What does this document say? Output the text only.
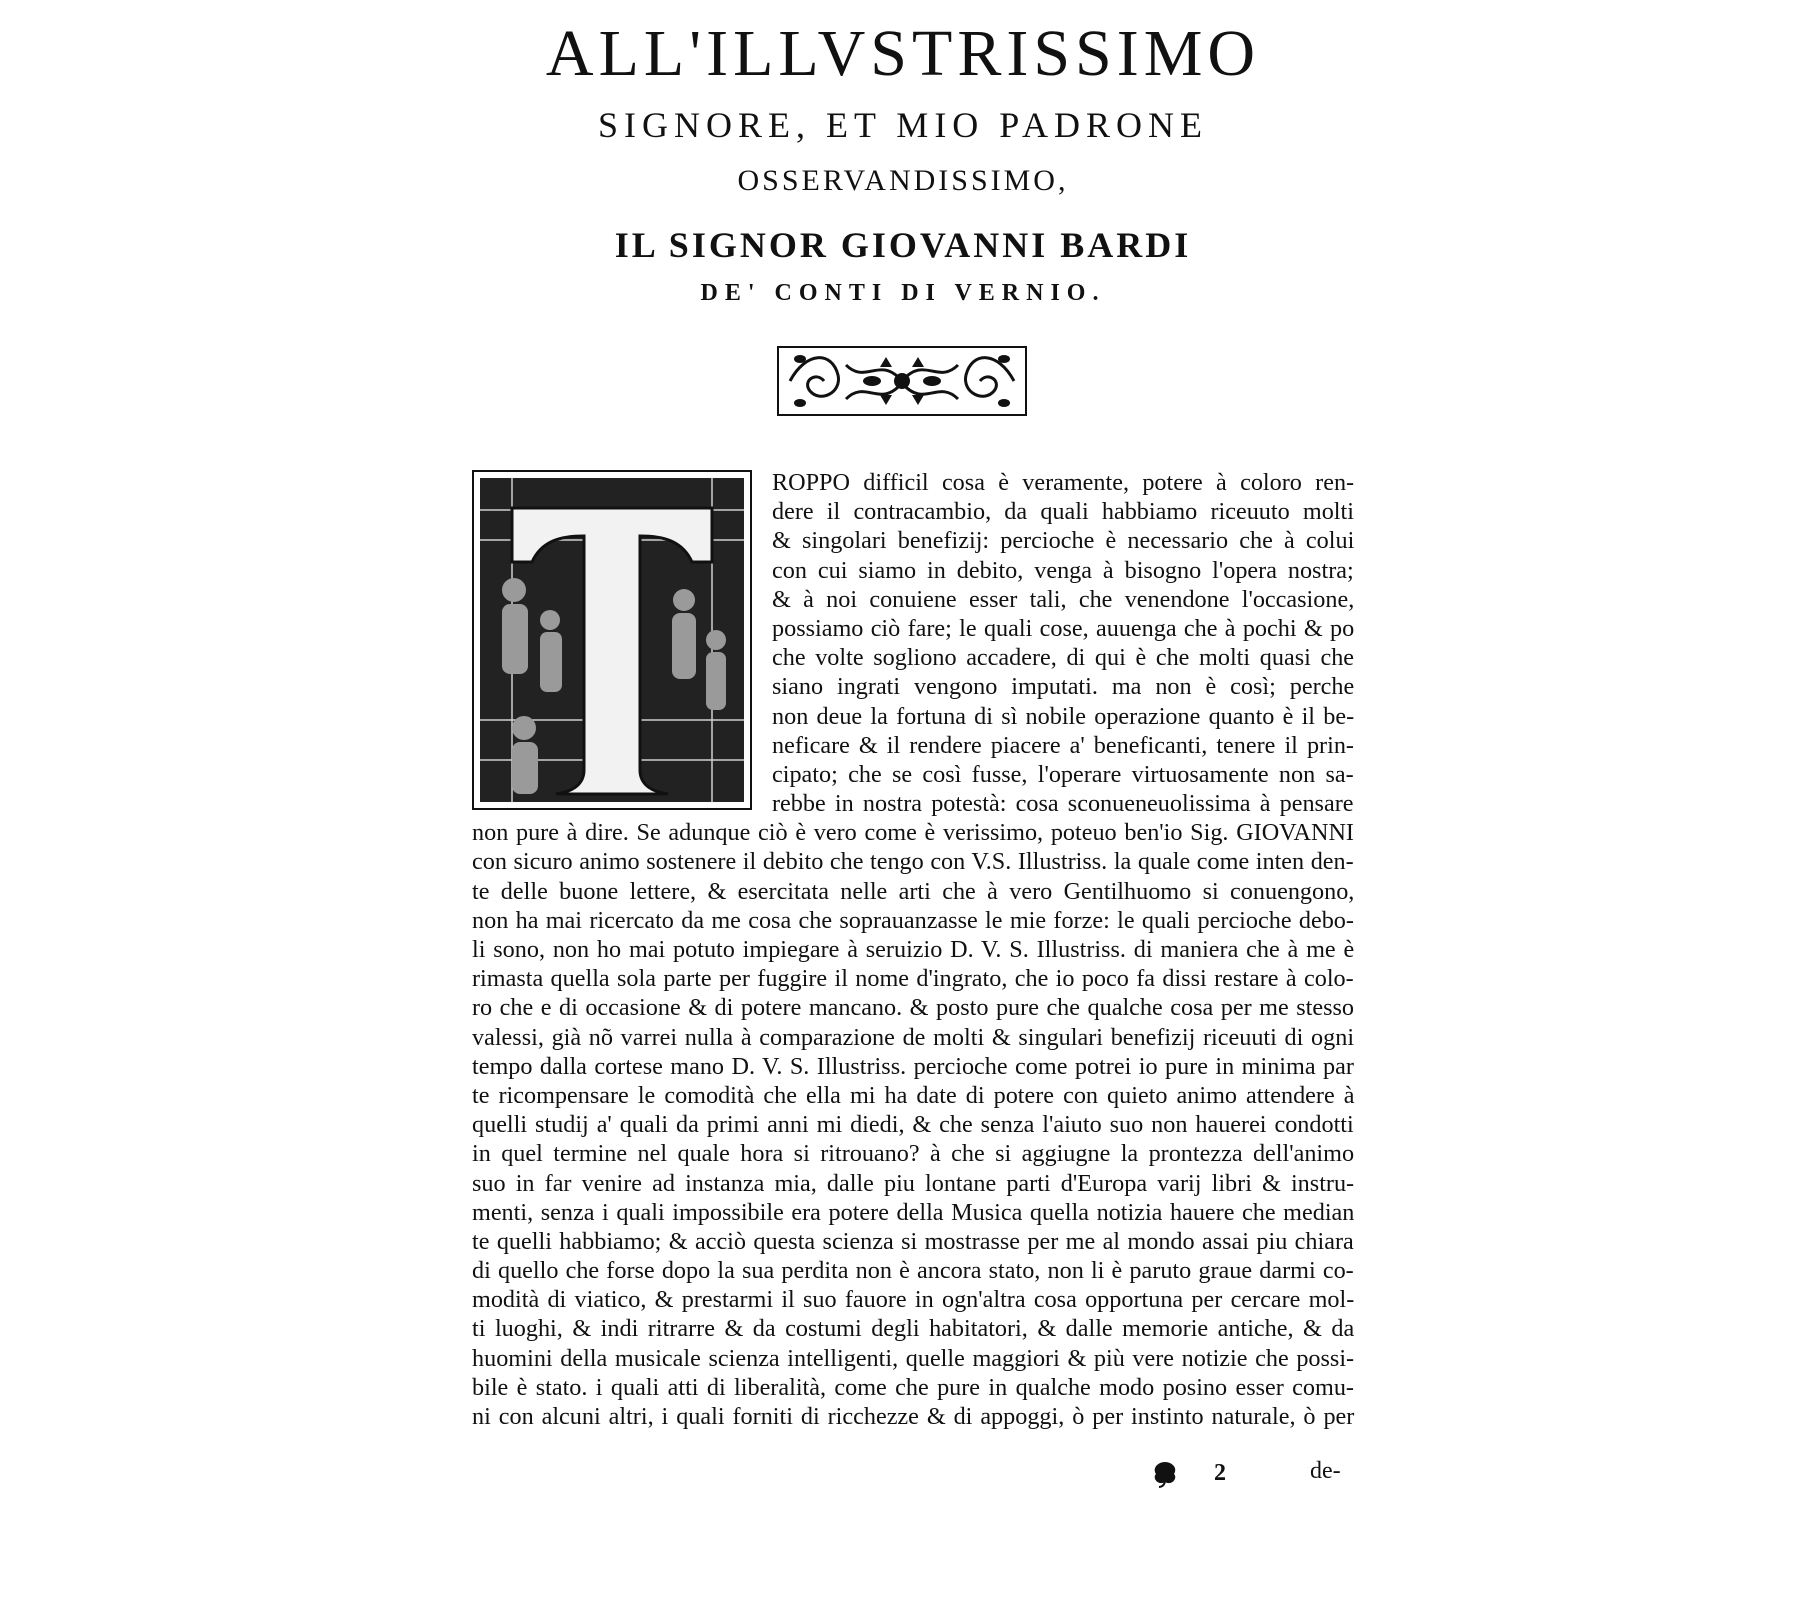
ALL'ILLVSTRISSIMO
SIGNORE, ET MIO PADRONE
OSSERVANDISSIMO,
IL SIGNOR GIOVANNI BARDI
DE' CONTI DI VERNIO.
ROPPO difficil cosa è veramente, potere à coloro ren-
dere il contracambio, da quali habbiamo riceuuto molti
& singolari benefizij: percioche è necessario che à colui
con cui siamo in debito, venga à bisogno l'opera nostra;
& à noi conuiene esser tali, che venendone l'occasione,
possiamo ciò fare; le quali cose, auuenga che à pochi & po
che volte sogliono accadere, di qui è che molti quasi che
siano ingrati vengono imputati. ma non è così; perche
non deue la fortuna di sì nobile operazione quanto è il be-
neficare & il rendere piacere a' beneficanti, tenere il prin-
cipato; che se così fusse, l'operare virtuosamente non sa-
rebbe in nostra potestà: cosa sconueneuolissima à pensare
non pure à dire. Se adunque ciò è vero come è verissimo, poteuo ben'io Sig. GIOVANNI
con sicuro animo sostenere il debito che tengo con V.S. Illustriss. la quale come inten den-
te delle buone lettere, & esercitata nelle arti che à vero Gentilhuomo si conuengono,
non ha mai ricercato da me cosa che soprauanzasse le mie forze: le quali percioche debo-
li sono, non ho mai potuto impiegare à seruizio D. V. S. Illustriss. di maniera che à me è
rimasta quella sola parte per fuggire il nome d'ingrato, che io poco fa dissi restare à colo-
ro che e di occasione & di potere mancano. & posto pure che qualche cosa per me stesso
valessi, già nõ varrei nulla à comparazione de molti & singulari benefizij riceuuti di ogni
tempo dalla cortese mano D. V. S. Illustriss. percioche come potrei io pure in minima par
te ricompensare le comodità che ella mi ha date di potere con quieto animo attendere à
quelli studij a' quali da primi anni mi diedi, & che senza l'aiuto suo non hauerei condotti
in quel termine nel quale hora si ritrouano? à che si aggiugne la prontezza dell'animo
suo in far venire ad instanza mia, dalle piu lontane parti d'Europa varij libri & instru-
menti, senza i quali impossibile era potere della Musica quella notizia hauere che median
te quelli habbiamo; & acciò questa scienza si mostrasse per me al mondo assai piu chiara
di quello che forse dopo la sua perdita non è ancora stato, non li è paruto graue darmi co-
modità di viatico, & prestarmi il suo fauore in ogn'altra cosa opportuna per cercare mol-
ti luoghi, & indi ritrarre & da costumi degli habitatori, & dalle memorie antiche, & da
huomini della musicale scienza intelligenti, quelle maggiori & più vere notizie che possi-
bile è stato. i quali atti di liberalità, come che pure in qualche modo posino esser comu-
ni con alcuni altri, i quali forniti di ricchezze & di appoggi, ò per instinto naturale, ò per
2	de-
